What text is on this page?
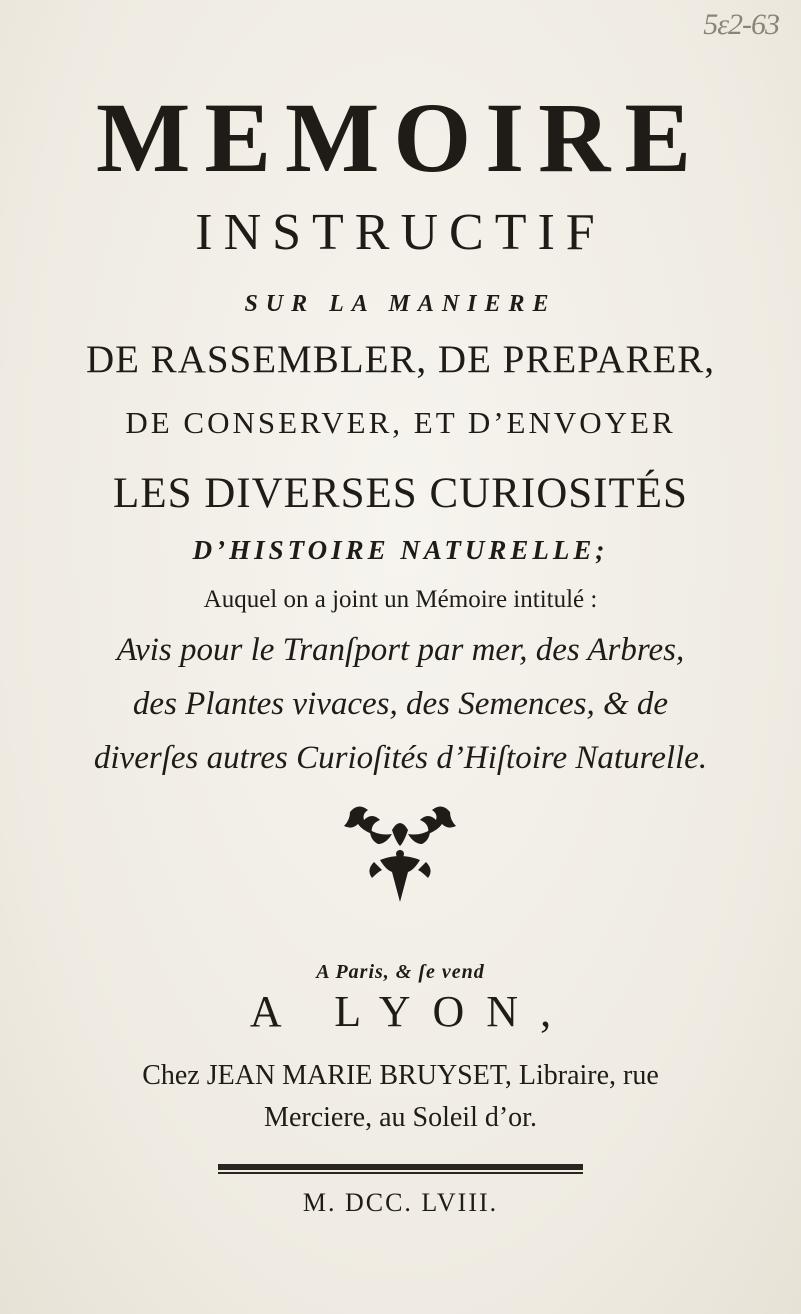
5ε2-63
MEMOIRE
INSTRUCTIF
SUR LA MANIERE
DE RASSEMBLER, DE PREPARER,
DE CONSERVER, ET D’ENVOYER
LES DIVERSES CURIOSITÉS
D’HISTOIRE NATURELLE;
Auquel on a joint un Mémoire intitulé :
Avis pour le Tranſport par mer, des Arbres,
des Plantes vivaces, des Semences, & de
diverſes autres Curioſités d’Hiſtoire Naturelle.
A Paris, & ſe vend
A LYON,
Chez JEAN MARIE BRUYSET, Libraire, rue
Merciere, au Soleil d’or.
M. DCC. LVIII.
